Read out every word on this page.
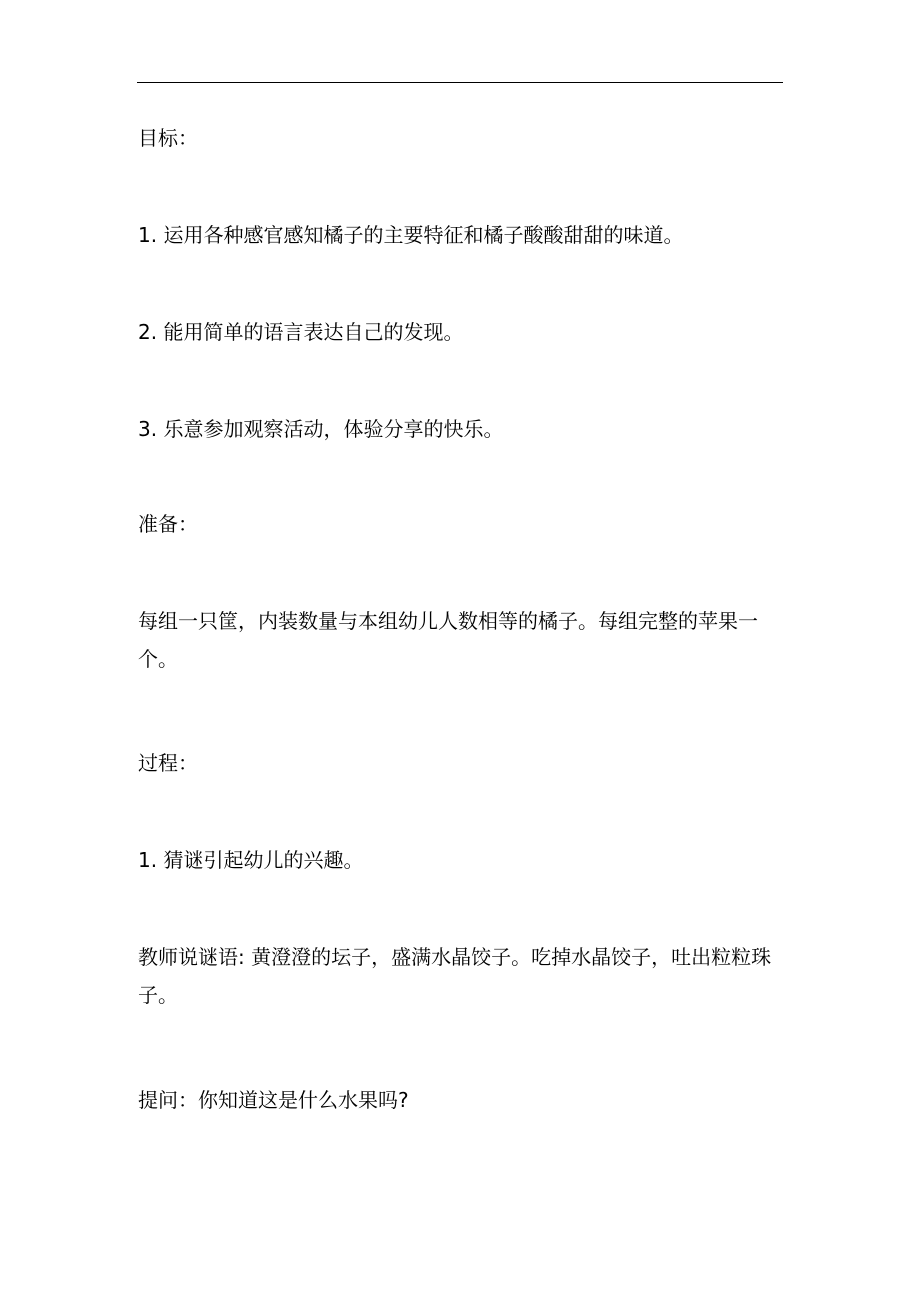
目标：

1. 运用各种感官感知橘子的主要特征和橘子酸酸甜甜的味道。

2. 能用简单的语言表达自己的发现。

3. 乐意参加观察活动，体验分享的快乐。

准备：

每组一只筐，内装数量与本组幼儿人数相等的橘子。每组完整的苹果一个。

过程：

1. 猜谜引起幼儿的兴趣。

教师说谜语: 黄澄澄的坛子，盛满水晶饺子。吃掉水晶饺子，吐出粒粒珠子。

提问：你知道这是什么水果吗?
